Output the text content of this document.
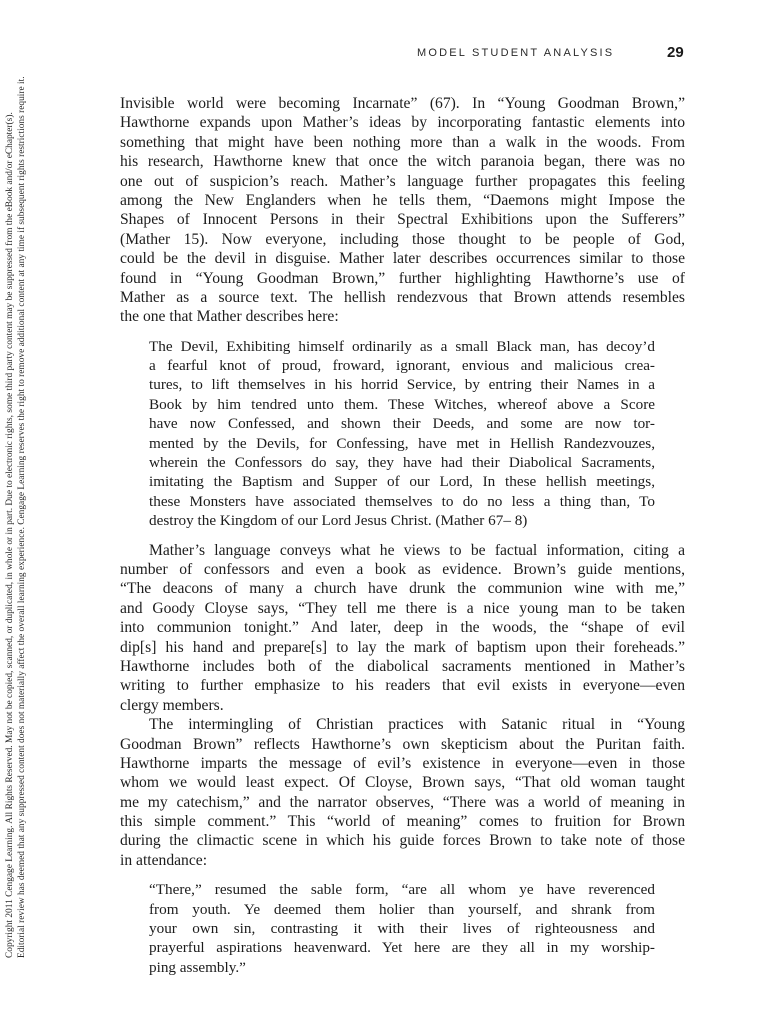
MODEL STUDENT ANALYSIS	29
Copyright 2011 Cengage Learning. All Rights Reserved. May not be copied, scanned, or duplicated, in whole or in part. Due to electronic rights, some third party content may be suppressed from the eBook and/or eChapter(s). Editorial review has deemed that any suppressed content does not materially affect the overall learning experience. Cengage Learning reserves the right to remove additional content at any time if subsequent rights restrictions require it.	Invisible world were becoming Incarnate” (67). In “Young Goodman Brown,”
Hawthorne expands upon Mather’s ideas by incorporating fantastic elements into
something that might have been nothing more than a walk in the woods. From
his research, Hawthorne knew that once the witch paranoia began, there was no
one out of suspicion’s reach. Mather’s language further propagates this feeling
among the New Englanders when he tells them, “Daemons might Impose the
Shapes of Innocent Persons in their Spectral Exhibitions upon the Sufferers”
(Mather 15). Now everyone, including those thought to be people of God,
could be the devil in disguise. Mather later describes occurrences similar to those
found in “Young Goodman Brown,” further highlighting Hawthorne’s use of
Mather as a source text. The hellish rendezvous that Brown attends resembles
the one that Mather describes here:
The Devil, Exhibiting himself ordinarily as a small Black man, has decoy’d
a fearful knot of proud, froward, ignorant, envious and malicious crea-
tures, to lift themselves in his horrid Service, by entring their Names in a
Book by him tendred unto them. These Witches, whereof above a Score
have now Confessed, and shown their Deeds, and some are now tor-
mented by the Devils, for Confessing, have met in Hellish Randezvouzes,
wherein the Confessors do say, they have had their Diabolical Sacraments,
imitating the Baptism and Supper of our Lord, In these hellish meetings,
these Monsters have associated themselves to do no less a thing than, To
destroy the Kingdom of our Lord Jesus Christ. (Mather 67– 8)
Mather’s language conveys what he views to be factual information, citing a
number of confessors and even a book as evidence. Brown’s guide mentions,
“The deacons of many a church have drunk the communion wine with me,”
and Goody Cloyse says, “They tell me there is a nice young man to be taken
into communion tonight.” And later, deep in the woods, the “shape of evil
dip[s] his hand and prepare[s] to lay the mark of baptism upon their foreheads.”
Hawthorne includes both of the diabolical sacraments mentioned in Mather’s
writing to further emphasize to his readers that evil exists in everyone—even
clergy members.
The intermingling of Christian practices with Satanic ritual in “Young
Goodman Brown” reflects Hawthorne’s own skepticism about the Puritan faith.
Hawthorne imparts the message of evil’s existence in everyone—even in those
whom we would least expect. Of Cloyse, Brown says, “That old woman taught
me my catechism,” and the narrator observes, “There was a world of meaning in
this simple comment.” This “world of meaning” comes to fruition for Brown
during the climactic scene in which his guide forces Brown to take note of those
in attendance:
“There,” resumed the sable form, “are all whom ye have reverenced
from youth. Ye deemed them holier than yourself, and shrank from
your own sin, contrasting it with their lives of righteousness and
prayerful aspirations heavenward. Yet here are they all in my worship-
ping assembly.”
